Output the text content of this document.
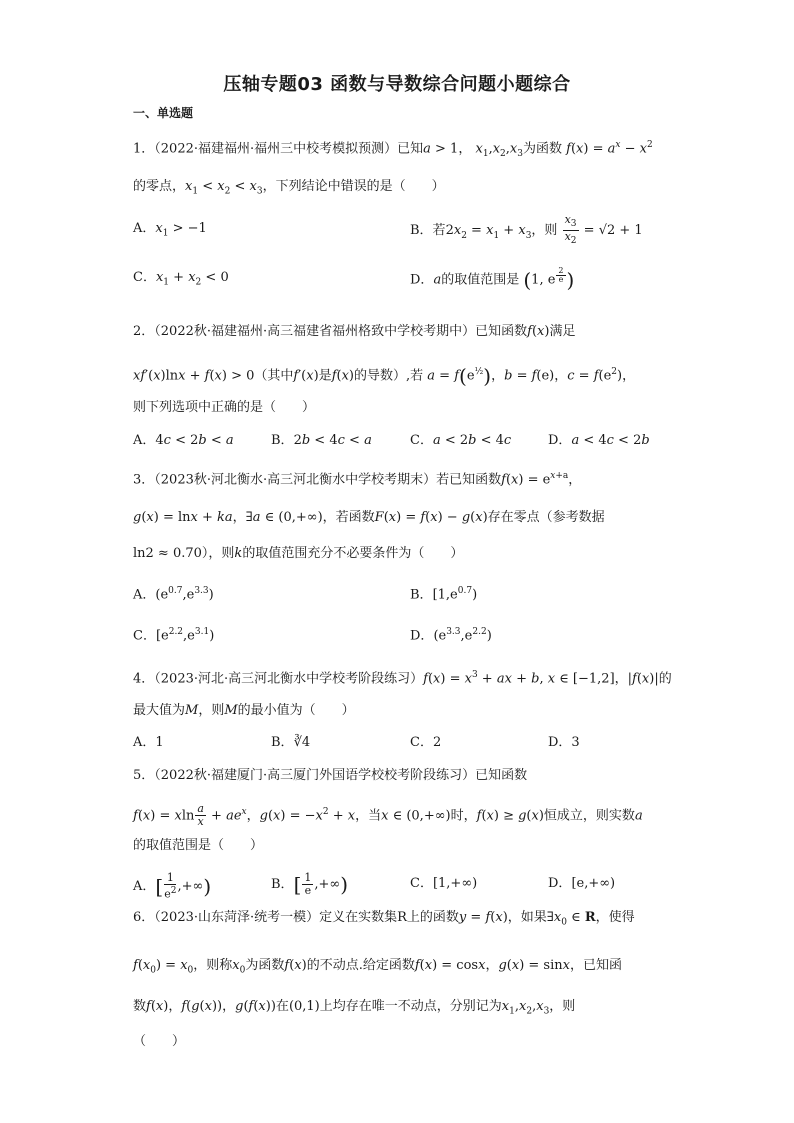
压轴专题03 函数与导数综合问题小题综合
一、单选题
1．（2022·福建福州·福州三中校考模拟预测）已知a > 1， $x_1,x_2,x_3$为函数 $f(x) = a^x - x^2$
的零点，$x_1 < x_2 < x_3$，下列结论中错误的是（　　）
A．$x_1 > -1$	B．若$2x_2 = x_1 + x_3$，则 $\frac{x_3}{x_2} = √2 + 1$
C．$x_1 + x_2 < 0$	D．a的取值范围是 (1, e $^{\frac{2}{e}}$ )
2．（2022秋·福建福州·高三福建省福州格致中学校考期中）已知函数f(x)满足
xf′(x)lnx + f(x) > 0（其中f′(x)是f(x)的导数）,若 $a = f(e^{\frac{1}{2}})$，b = f(e)，$c = f(e^2)$，
则下列选项中正确的是（　　）
A．4c < 2b < a	B．2b < 4c < a	C．a < 2b < 4c	D．a < 4c < 2b
3．（2023秋·河北衡水·高三河北衡水中学校考期末）若已知函数$f(x) = e^{x+a}$，
g(x) = lnx + ka，∃a ∈ (0,+∞)，若函数F(x) = f(x) − g(x)存在零点（参考数据
ln2 ≈ 0.70），则k的取值范围充分不必要条件为（　　）
A．$(e^{0.7},e^{3.3})$	B．$[1,e^{0.7})$
C．$[e^{2.2},e^{3.1})$	D．$(e^{3.3},e^{2.2})$
4．（2023·河北·高三河北衡水中学校考阶段练习）$f(x) = x^3$ + ax + b, x ∈ [−1,2]，|f(x)|的
最大值为M，则M的最小值为（　　）
A．1	B．∛4	C．2	D．3
5．（2022秋·福建厦门·高三厦门外国语学校校考阶段练习）已知函数
f(x) = xln $\frac{a}{x} + ae^x$，$g(x) = -x^2 + x$，当x ∈ (0,+∞)时，f(x) ≥ g(x)恒成立，则实数a
的取值范围是（　　）
A．[ $\frac{1}{e^2}$ ,+∞)	B．[ $\frac{1}{e}$ ,+∞)	C．[1,+∞)	D．[e,+∞)
6．（2023·山东菏泽·统考一模）定义在实数集R上的函数y = f(x)，如果$\exists x_0$ ∈ R，使得
$f(x_0) = x_0$，则称$x_0$为函数f(x)的不动点.给定函数f(x) = cosx，g(x) = sinx，已知函
数f(x)，f(g(x))，g(f(x))在(0,1)上均存在唯一不动点，分别记为$x_1,x_2,x_3$，则
（　　）
